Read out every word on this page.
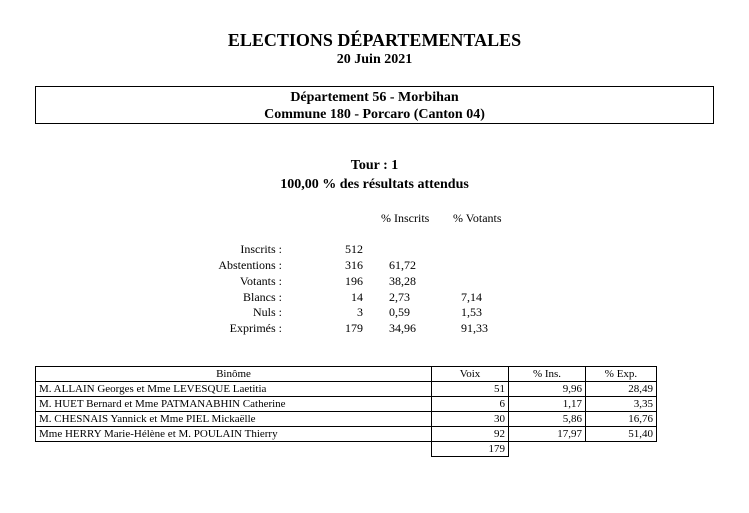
ELECTIONS DÉPARTEMENTALES
20 Juin 2021
Département 56 - Morbihan
Commune 180 - Porcaro (Canton 04)
Tour : 1
100,00 % des résultats attendus
% Inscrits % Votants
Inscrits :	512
Abstentions :	316 61,72
Votants :	196 38,28
Blancs :	14 2,73	7,14
Nuls :	3 0,59	1,53
Exprimés :	179 34,96	91,33
Binôme	Voix	% Ins.	% Exp.
M. ALLAIN Georges et Mme LEVESQUE Laetitia	51	9,96	28,49
M. HUET Bernard et Mme PATMANABHIN Catherine	6	1,17	3,35
M. CHESNAIS Yannick et Mme PIEL Mickaëlle	30	5,86	16,76
Mme HERRY Marie-Hélène et M. POULAIN Thierry	92	17,97	51,40
	179		
